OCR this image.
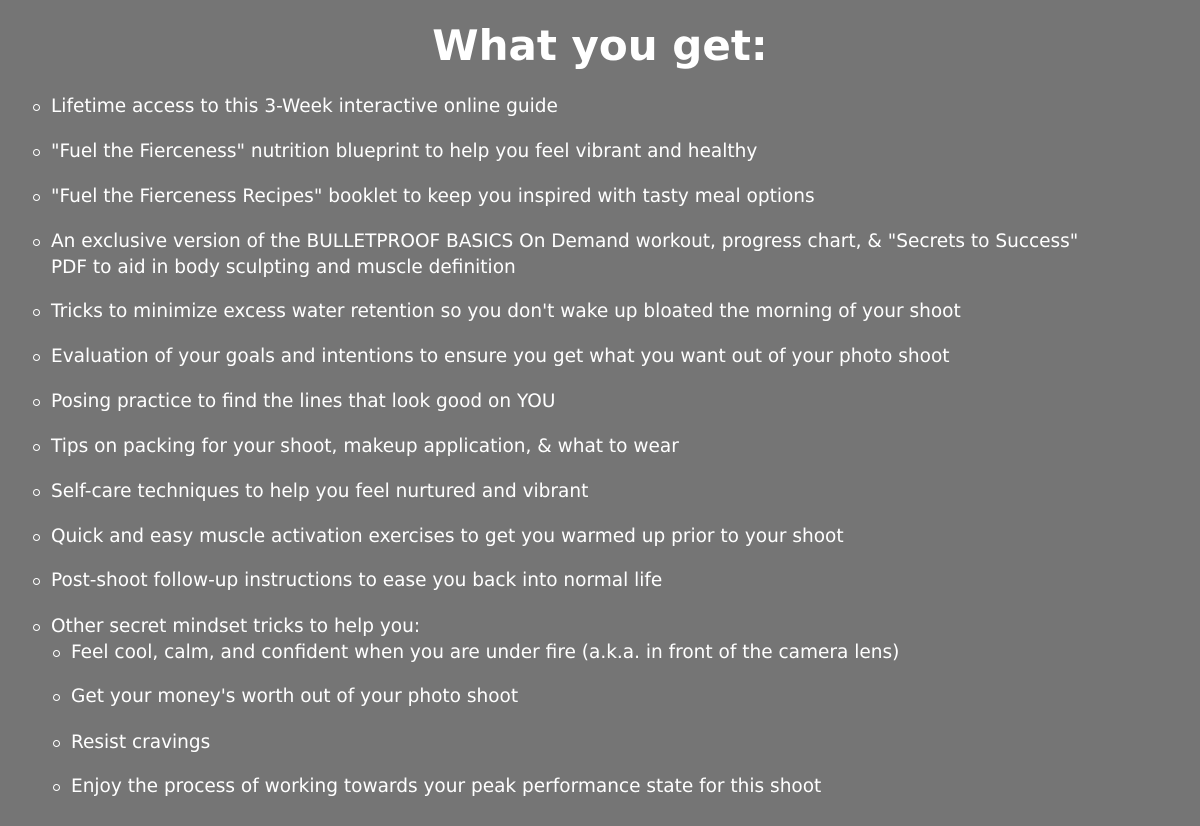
What you get:
Lifetime access to this 3-Week interactive online guide
"Fuel the Fierceness" nutrition blueprint to help you feel vibrant and healthy
"Fuel the Fierceness Recipes" booklet to keep you inspired with tasty meal options
An exclusive version of the BULLETPROOF BASICS On Demand workout, progress chart, & "Secrets to Success"
PDF to aid in body sculpting and muscle definition
Tricks to minimize excess water retention so you don't wake up bloated the morning of your shoot
Evaluation of your goals and intentions to ensure you get what you want out of your photo shoot
Posing practice to find the lines that look good on YOU
Tips on packing for your shoot, makeup application, & what to wear
Self-care techniques to help you feel nurtured and vibrant
Quick and easy muscle activation exercises to get you warmed up prior to your shoot
Post-shoot follow-up instructions to ease you back into normal life
Other secret mindset tricks to help you:
Feel cool, calm, and confident when you are under fire (a.k.a. in front of the camera lens)
Get your money's worth out of your photo shoot
Resist cravings
Enjoy the process of working towards your peak performance state for this shoot
